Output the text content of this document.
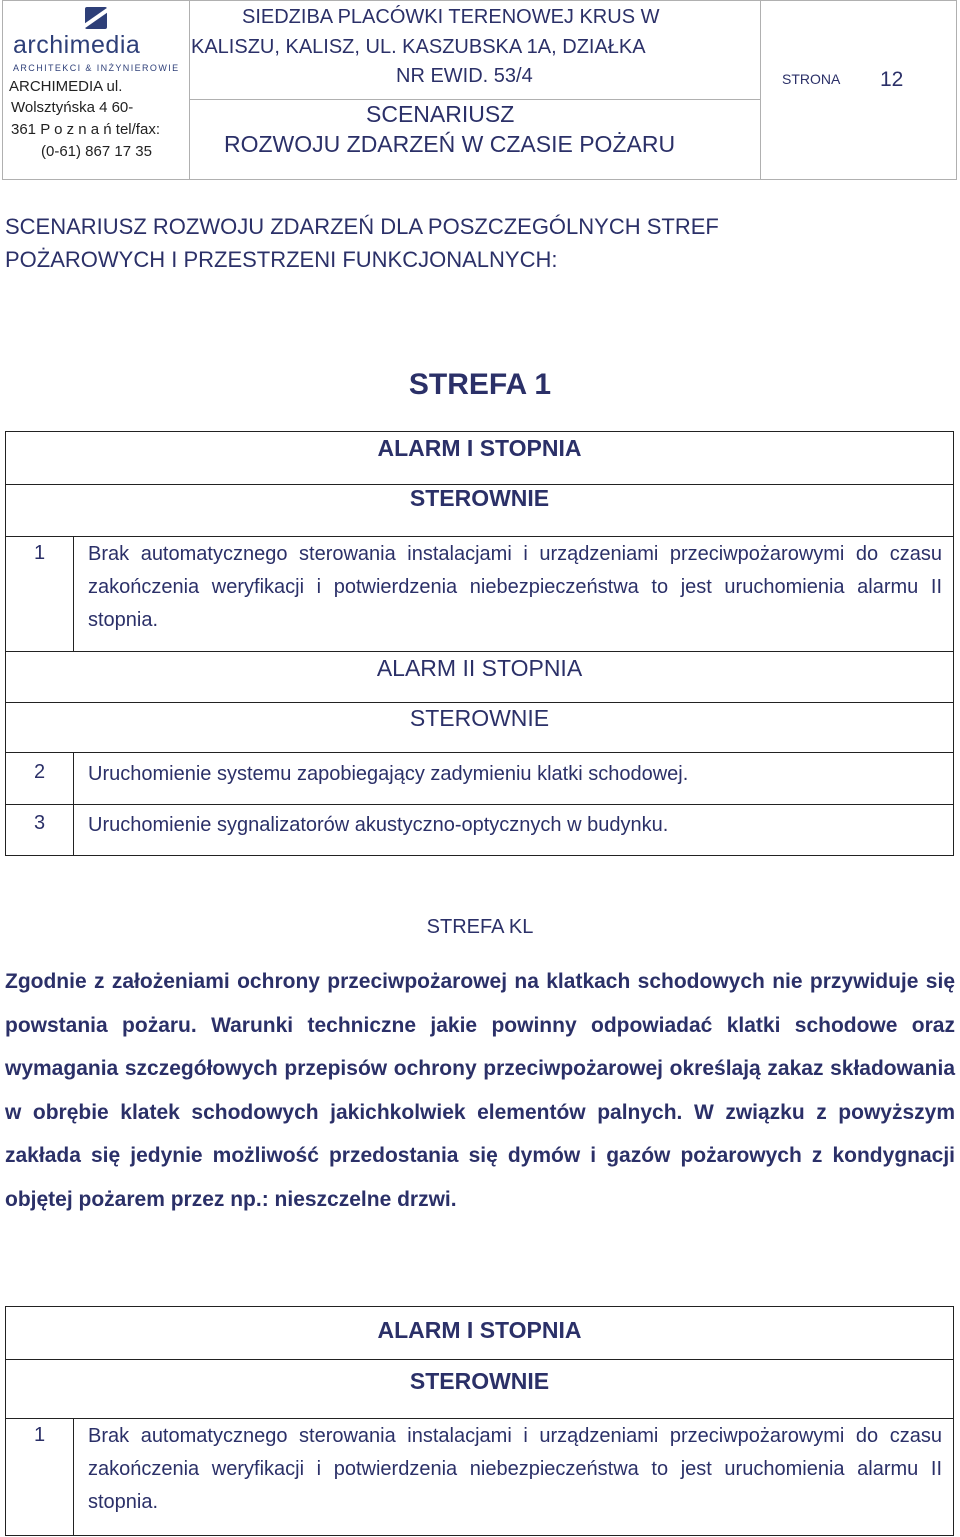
archimedia
ARCHITEKCI & INŻYNIEROWIE
ARCHIMEDIA ul.
Wolsztyńska 4 60-
361 P o z n a ń tel/fax:
(0-61) 867 17 35
SIEDZIBA PLACÓWKI TERENOWEJ KRUS W
KALISZU, KALISZ, UL. KASZUBSKA 1A, DZIAŁKA
NR EWID. 53/4
SCENARIUSZ
ROZWOJU ZDARZEŃ W CZASIE POŻARU
STRONA 12
SCENARIUSZ ROZWOJU ZDARZEŃ DLA POSZCZEGÓLNYCH STREF
POŻAROWYCH I PRZESTRZENI FUNKCJONALNYCH:
STREFA 1
ALARM I STOPNIA
STEROWNIE
1	Brak automatycznego sterowania instalacjami i urządzeniami przeciwpożarowymi do czasu zakończenia weryfikacji i potwierdzenia niebezpieczeństwa to jest uruchomienia alarmu II stopnia.
ALARM II STOPNIA
STEROWNIE
2	Uruchomienie systemu zapobiegający zadymieniu klatki schodowej.
3	Uruchomienie sygnalizatorów akustyczno-optycznych w budynku.
STREFA KL
Zgodnie z założeniami ochrony przeciwpożarowej na klatkach schodowych nie przywiduje się powstania pożaru. Warunki techniczne jakie powinny odpowiadać klatki schodowe oraz wymagania szczegółowych przepisów ochrony przeciwpożarowej określają zakaz składowania w obrębie klatek schodowych jakichkolwiek elementów palnych. W związku z powyższym zakłada się jedynie możliwość przedostania się dymów i gazów pożarowych z kondygnacji objętej pożarem przez np.: nieszczelne drzwi.
ALARM I STOPNIA
STEROWNIE
1	Brak automatycznego sterowania instalacjami i urządzeniami przeciwpożarowymi do czasu zakończenia weryfikacji i potwierdzenia niebezpieczeństwa to jest uruchomienia alarmu II stopnia.
